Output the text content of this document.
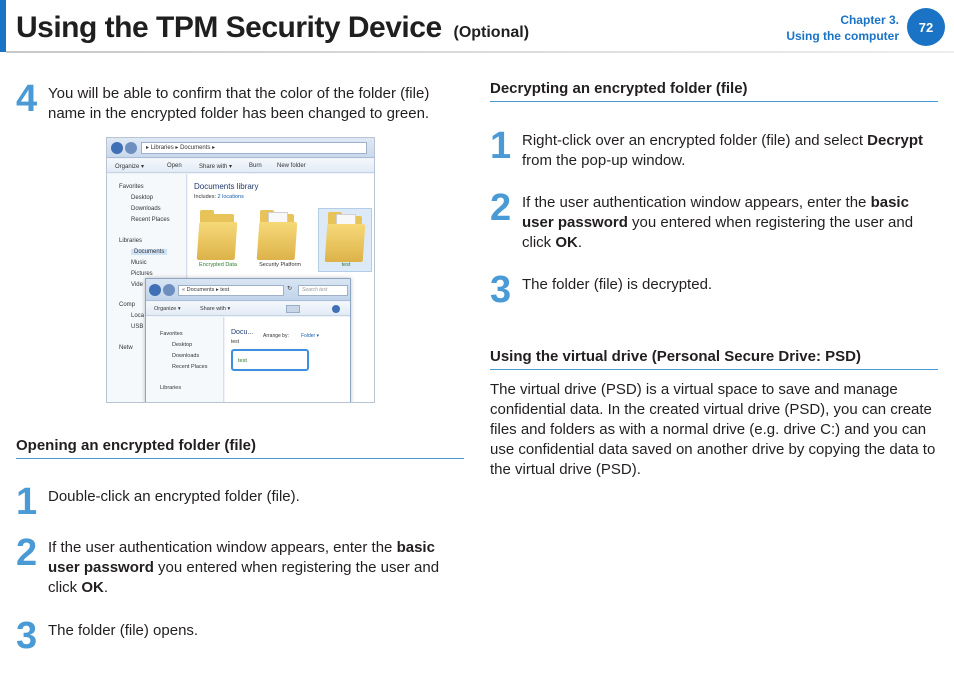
Using the TPM Security Device (Optional)
Chapter 3.
Using the computer
72
4 You will be able to confirm that the color of the folder (file) name in the encrypted folder has been changed to green.
▸ Libraries ▸ Documents ▸
Organize ▾	Open	Share with ▾	Burn	New folder
Favorites
Desktop
Downloads
Recent Places
Libraries
Documents
Music
Pictures
Vide
Comp
Loca
USB
Netw
Documents library
Includes: 2 locations
Encrypted Data	Security Platform	test
« Documents ▸ test	↻	Search test
Organize ▾	Share with ▾
Favorites
Desktop
Downloads
Recent Places
Libraries
Docu...
test
Arrange by: Folder ▾
test
Opening an encrypted folder (file)
1 Double-click an encrypted folder (file).
2 If the user authentication window appears, enter the basic user password you entered when registering the user and click OK.
3 The folder (file) opens.
Decrypting an encrypted folder (file)
1 Right-click over an encrypted folder (file) and select Decrypt from the pop-up window.
2 If the user authentication window appears, enter the basic user password you entered when registering the user and click OK.
3 The folder (file) is decrypted.
Using the virtual drive (Personal Secure Drive: PSD)
The virtual drive (PSD) is a virtual space to save and manage confidential data. In the created virtual drive (PSD), you can create files and folders as with a normal drive (e.g. drive C:) and you can use confidential data saved on another drive by copying the data to the virtual drive (PSD).
